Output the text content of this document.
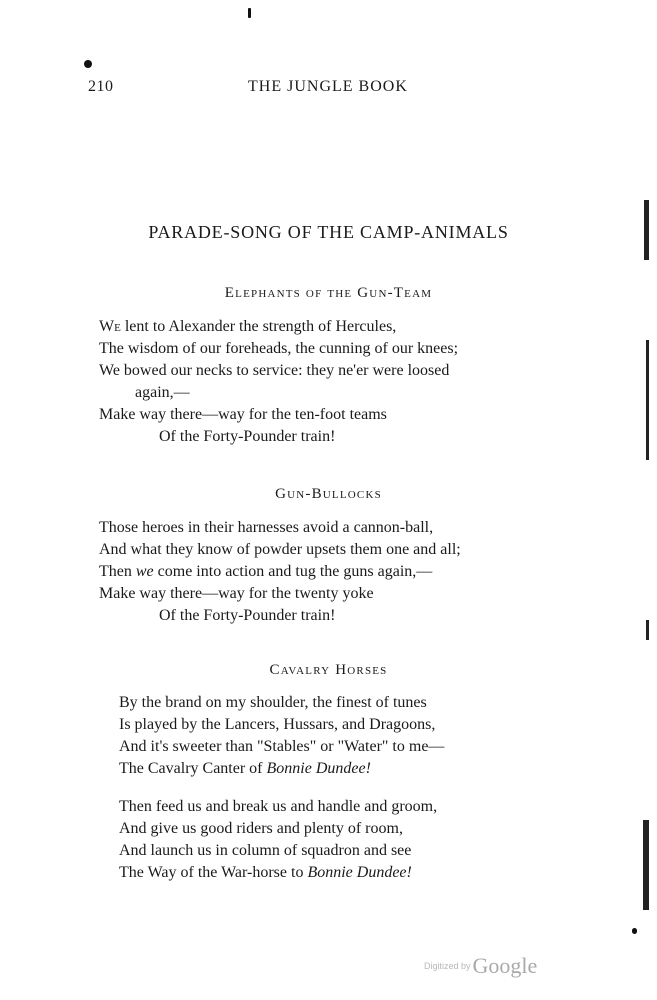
210	THE JUNGLE BOOK
PARADE-SONG OF THE CAMP-ANIMALS
Elephants of the Gun-Team
We lent to Alexander the strength of Hercules,
The wisdom of our foreheads, the cunning of our knees;
We bowed our necks to service: they ne'er were loosed
again,—
Make way there—way for the ten-foot teams
Of the Forty-Pounder train!
Gun-Bullocks
Those heroes in their harnesses avoid a cannon-ball,
And what they know of powder upsets them one and all;
Then we come into action and tug the guns again,—
Make way there—way for the twenty yoke
Of the Forty-Pounder train!
Cavalry Horses
By the brand on my shoulder, the finest of tunes
Is played by the Lancers, Hussars, and Dragoons,
And it's sweeter than "Stables" or "Water" to me—
The Cavalry Canter of Bonnie Dundee!
Then feed us and break us and handle and groom,
And give us good riders and plenty of room,
And launch us in column of squadron and see
The Way of the War-horse to Bonnie Dundee!
Digitized byGoogle
